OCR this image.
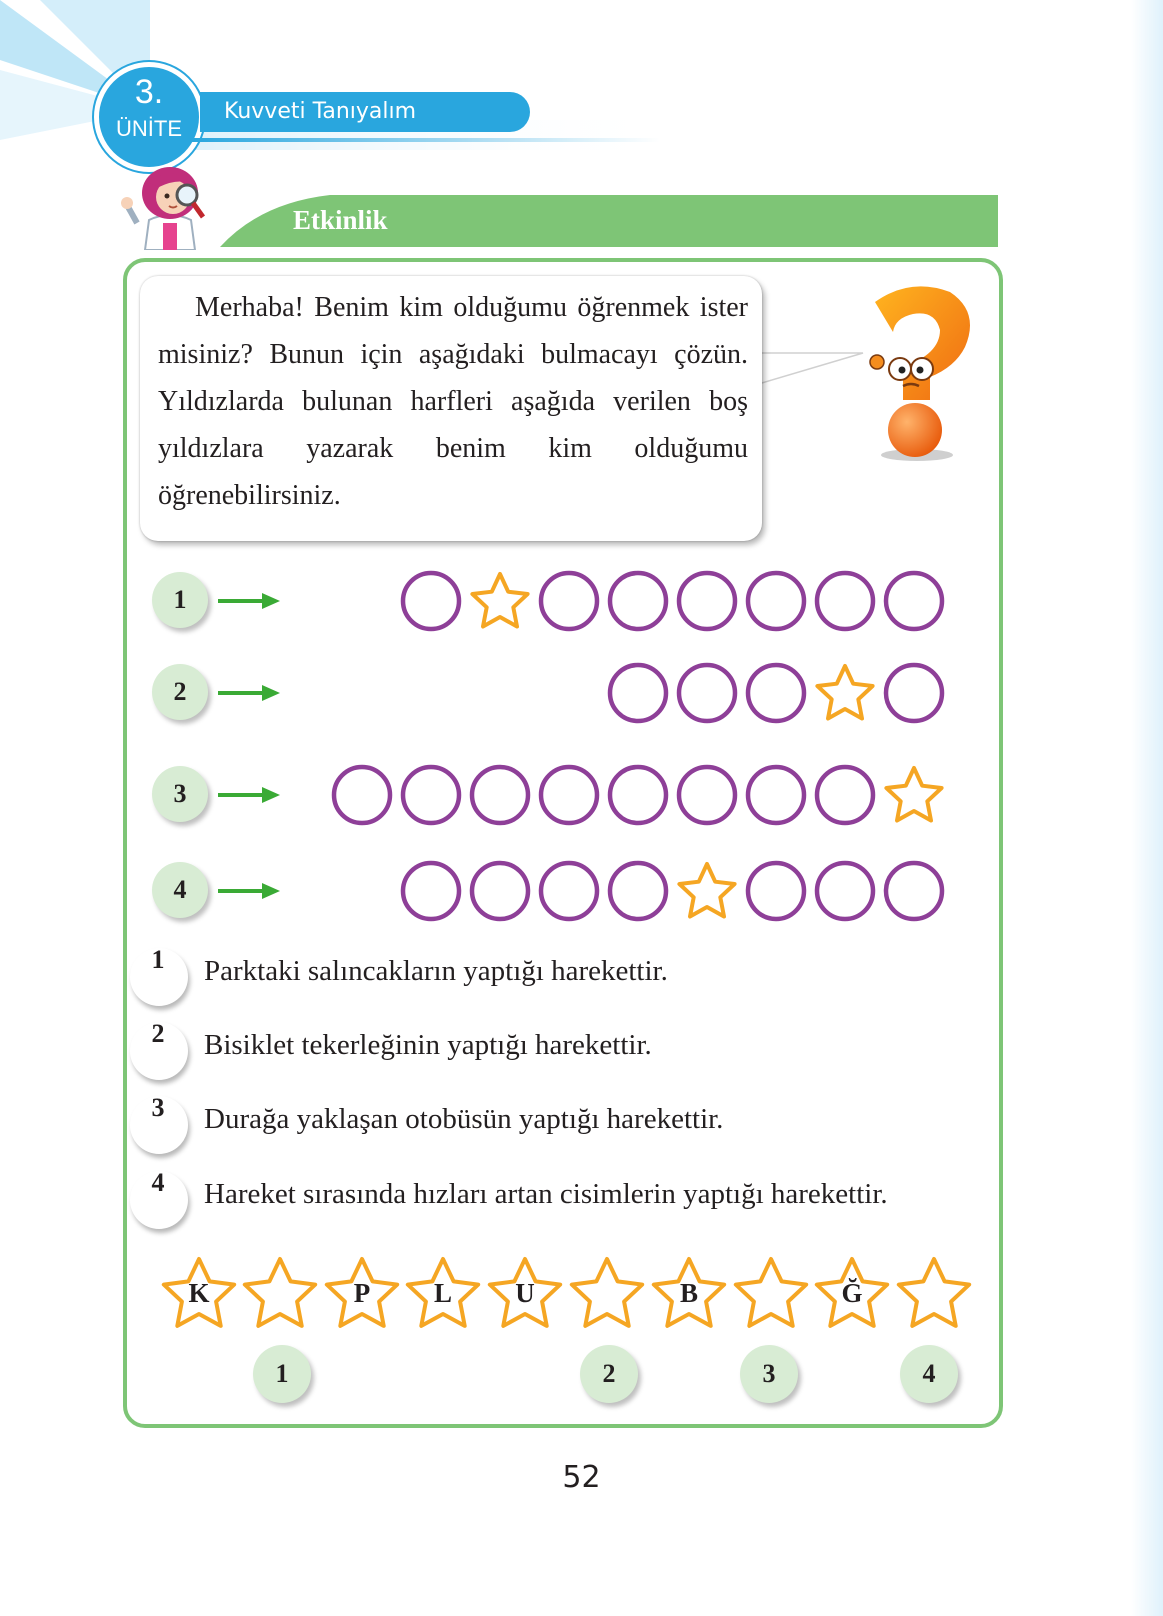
3.
ÜNİTE
Kuvveti Tanıyalım
Etkinlik
Merhaba! Benim kim olduğumu öğrenmek ister misiniz? Bunun için aşağıdaki bulmacayı çözün. Yıldızlarda bulunan harfleri aşağıda verilen boş yıldızlara yazarak benim kim olduğumu öğrenebilirsiniz.
1
2
3
4
1	Parktaki salıncakların yaptığı harekettir.
2	Bisiklet tekerleğinin yaptığı harekettir.
3	Durağa yaklaşan otobüsün yaptığı harekettir.
4	Hareket sırasında hızları artan cisimlerin yaptığı harekettir.
K	P	L	U	B	Ğ
1	2	3	4
52
